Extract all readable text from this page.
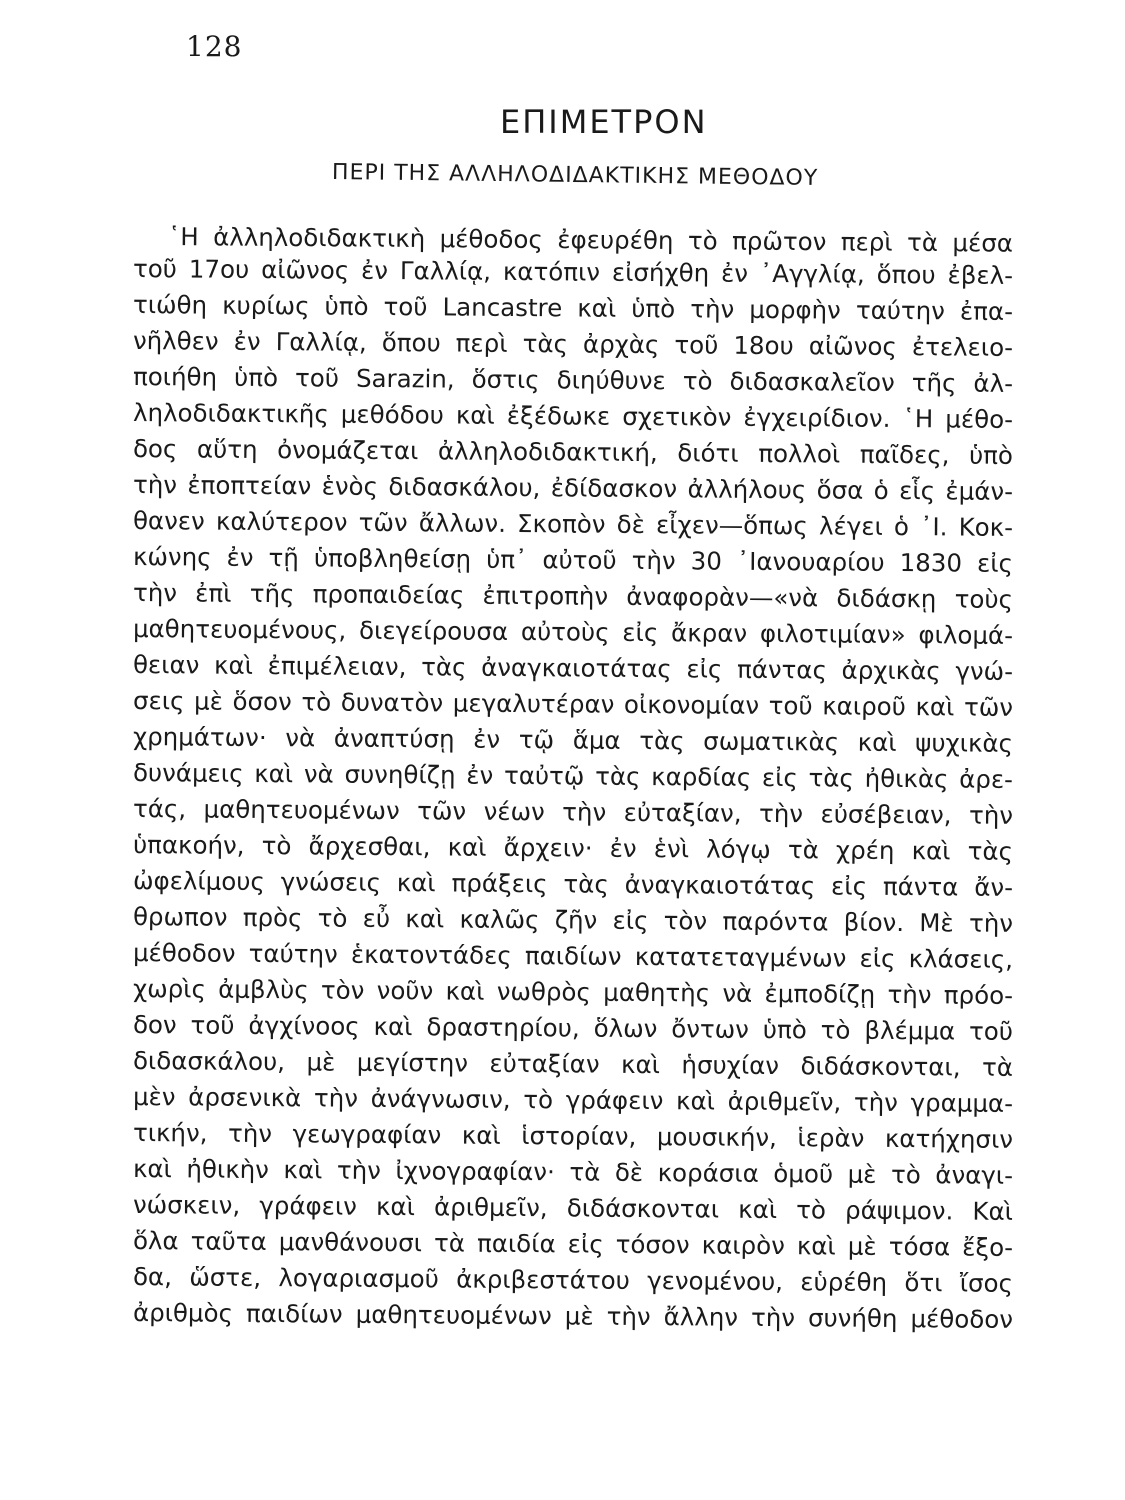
128
ΕΠΙΜΕΤΡΟΝ
ΠΕΡΙ ΤΗΣ ΑΛΛΗΛΟΔΙΔΑΚΤΙΚΗΣ ΜΕΘΟΔΟΥ
῾Η ἀλληλοδιδακτικὴ μέθοδος ἐφευρέθη τὸ πρῶτον περὶ τὰ μέσα
τοῦ 17ου αἰῶνος ἐν Γαλλίᾳ, κατόπιν εἰσήχθη ἐν ᾿Αγγλίᾳ, ὅπου ἐβελ-
τιώθη κυρίως ὑπὸ τοῦ Lancastre καὶ ὑπὸ τὴν μορφὴν ταύτην ἐπα-
νῆλθεν ἐν Γαλλίᾳ, ὅπου περὶ τὰς ἀρχὰς τοῦ 18ου αἰῶνος ἐτελειο-
ποιήθη ὑπὸ τοῦ Sarazin, ὅστις διηύθυνε τὸ διδασκαλεῖον τῆς ἀλ-
ληλοδιδακτικῆς μεθόδου καὶ ἐξέδωκε σχετικὸν ἐγχειρίδιον. ῾Η μέθο-
δος αὕτη ὀνομάζεται ἀλληλοδιδακτική, διότι πολλοὶ παῖδες, ὑπὸ
τὴν ἐποπτείαν ἑνὸς διδασκάλου, ἐδίδασκον ἀλλήλους ὅσα ὁ εἷς ἐμάν-
θανεν καλύτερον τῶν ἄλλων. Σκοπὸν δὲ εἶχεν—ὅπως λέγει ὁ ᾿Ι. Κοκ-
κώνης ἐν τῇ ὑποβληθείσῃ ὑπ᾿ αὐτοῦ τὴν 30 ᾿Ιανουαρίου 1830 εἰς
τὴν ἐπὶ τῆς προπαιδείας ἐπιτροπὴν ἀναφορὰν—«νὰ διδάσκῃ τοὺς
μαθητευομένους, διεγείρουσα αὐτοὺς εἰς ἄκραν φιλοτιμίαν» φιλομά-
θειαν καὶ ἐπιμέλειαν, τὰς ἀναγκαιοτάτας εἰς πάντας ἀρχικὰς γνώ-
σεις μὲ ὅσον τὸ δυνατὸν μεγαλυτέραν οἰκονομίαν τοῦ καιροῦ καὶ τῶν
χρημάτων· νὰ ἀναπτύσῃ ἐν τῷ ἅμα τὰς σωματικὰς καὶ ψυχικὰς
δυνάμεις καὶ νὰ συνηθίζῃ ἐν ταὐτῷ τὰς καρδίας εἰς τὰς ἠθικὰς ἀρε-
τάς, μαθητευομένων τῶν νέων τὴν εὐταξίαν, τὴν εὐσέβειαν, τὴν
ὑπακοήν, τὸ ἄρχεσθαι, καὶ ἄρχειν· ἐν ἑνὶ λόγῳ τὰ χρέη καὶ τὰς
ὠφελίμους γνώσεις καὶ πράξεις τὰς ἀναγκαιοτάτας εἰς πάντα ἄν-
θρωπον πρὸς τὸ εὖ καὶ καλῶς ζῆν εἰς τὸν παρόντα βίον. Μὲ τὴν
μέθοδον ταύτην ἑκατοντάδες παιδίων κατατεταγμένων εἰς κλάσεις,
χωρὶς ἀμβλὺς τὸν νοῦν καὶ νωθρὸς μαθητὴς νὰ ἐμποδίζῃ τὴν πρόο-
δον τοῦ ἀγχίνοος καὶ δραστηρίου, ὅλων ὄντων ὑπὸ τὸ βλέμμα τοῦ
διδασκάλου, μὲ μεγίστην εὐταξίαν καὶ ἡσυχίαν διδάσκονται, τὰ
μὲν ἀρσενικὰ τὴν ἀνάγνωσιν, τὸ γράφειν καὶ ἀριθμεῖν, τὴν γραμμα-
τικήν, τὴν γεωγραφίαν καὶ ἱστορίαν, μουσικήν, ἱερὰν κατήχησιν
καὶ ἠθικὴν καὶ τὴν ἰχνογραφίαν· τὰ δὲ κοράσια ὁμοῦ μὲ τὸ ἀναγι-
νώσκειν, γράφειν καὶ ἀριθμεῖν, διδάσκονται καὶ τὸ ράψιμον. Καὶ
ὅλα ταῦτα μανθάνουσι τὰ παιδία εἰς τόσον καιρὸν καὶ μὲ τόσα ἔξο-
δα, ὥστε, λογαριασμοῦ ἀκριβεστάτου γενομένου, εὑρέθη ὅτι ἴσος
ἀριθμὸς παιδίων μαθητευομένων μὲ τὴν ἄλλην τὴν συνήθη μέθοδον
